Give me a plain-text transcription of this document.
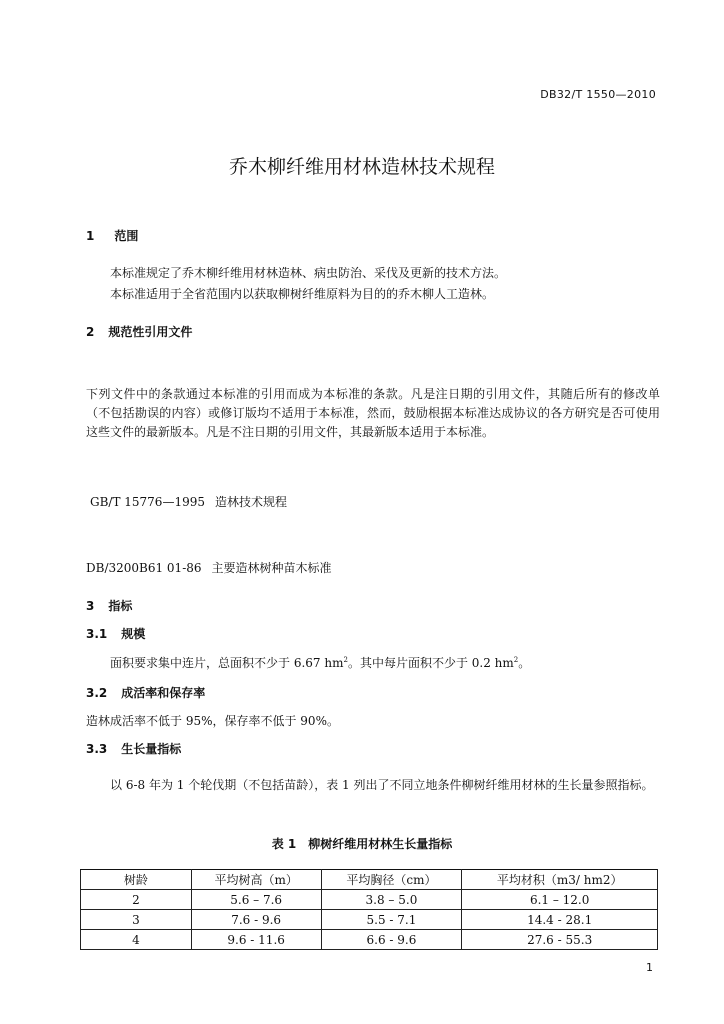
DB32/T 1550—2010
乔木柳纤维用材林造林技术规程
1 范围
本标准规定了乔木柳纤维用材林造林、病虫防治、采伐及更新的技术方法。
本标准适用于全省范围内以获取柳树纤维原料为目的的乔木柳人工造林。
2 规范性引用文件
下列文件中的条款通过本标准的引用而成为本标准的条款。凡是注日期的引用文件，其随后所有的修改单（不包括勘误的内容）或修订版均不适用于本标准，然而，鼓励根据本标准达成协议的各方研究是否可使用这些文件的最新版本。凡是不注日期的引用文件，其最新版本适用于本标准。
GB/T 15776—1995 造林技术规程
DB/3200B61 01-86 主要造林树种苗木标准
3 指标
3.1 规模
面积要求集中连片，总面积不少于 6.67 $hm^2$。其中每片面积不少于 0.2 $hm^2$。
3.2 成活率和保存率
造林成活率不低于 95%，保存率不低于 90%。
3.3 生长量指标
以 6-8 年为 1 个轮伐期（不包括苗龄），表 1 列出了不同立地条件柳树纤维用材林的生长量参照指标。
表 1　柳树纤维用材林生长量指标
树龄	平均树高（m）	平均胸径（cm）	平均材积（m3/ hm2）
2	5.6 – 7.6	3.8 – 5.0	6.1 – 12.0
3	7.6 - 9.6	5.5 - 7.1	14.4 - 28.1
4	9.6 - 11.6	6.6 - 9.6	27.6 - 55.3
1
